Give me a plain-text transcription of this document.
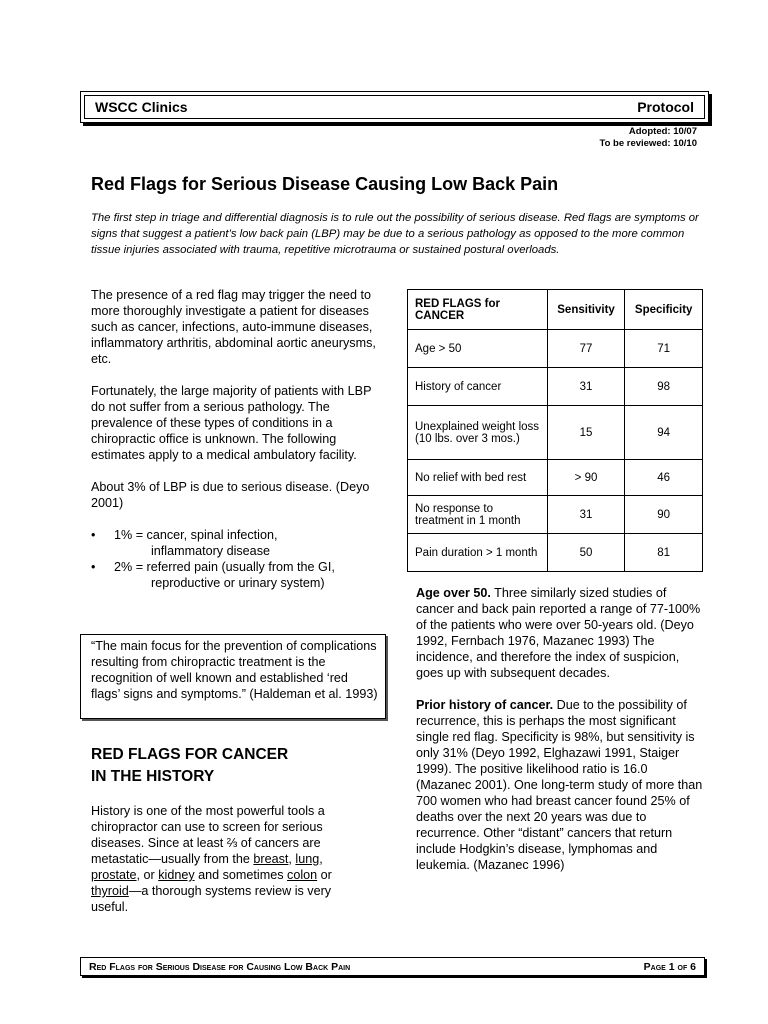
WSCC Clinics	Protocol
Adopted: 10/07
To be reviewed: 10/10
Red Flags for Serious Disease Causing Low Back Pain

The first step in triage and differential diagnosis is to rule out the possibility of serious disease. Red flags are symptoms or signs that suggest a patient’s low back pain (LBP) may be due to a serious pathology as opposed to the more common tissue injuries associated with trauma, repetitive microtrauma or sustained postural overloads.

The presence of a red flag may trigger the need to more thoroughly investigate a patient for diseases such as cancer, infections, auto-immune diseases, inflammatory arthritis, abdominal aortic aneurysms, etc.

Fortunately, the large majority of patients with LBP do not suffer from a serious pathology. The prevalence of these types of conditions in a chiropractic office is unknown. The following estimates apply to a medical ambulatory facility.

About 3% of LBP is due to serious disease. (Deyo 2001)

• 1% = cancer, spinal infection,
inflammatory disease
• 2% = referred pain (usually from the GI,
reproductive or urinary system)
“The main focus for the prevention of complications resulting from chiropractic treatment is the recognition of well known and established ‘red flags’ signs and symptoms.” (Haldeman et al. 1993)
RED FLAGS FOR CANCER
IN THE HISTORY

History is one of the most powerful tools a chiropractor can use to screen for serious diseases. Since at least ⅔ of cancers are metastatic—usually from the breast, lung, prostate, or kidney and sometimes colon or thyroid—a thorough systems review is very useful.

RED FLAGS for CANCER	Sensitivity	Specificity
Age > 50	77	71
History of cancer	31	98
Unexplained weight loss (10 lbs. over 3 mos.)	15	94
No relief with bed rest	> 90	46
No response to treatment in 1 month	31	90
Pain duration > 1 month	50	81

Age over 50. Three similarly sized studies of cancer and back pain reported a range of 77-100% of the patients who were over 50-years old. (Deyo 1992, Fernbach 1976, Mazanec 1993) The incidence, and therefore the index of suspicion, goes up with subsequent decades.

Prior history of cancer. Due to the possibility of recurrence, this is perhaps the most significant single red flag. Specificity is 98%, but sensitivity is only 31% (Deyo 1992, Elghazawi 1991, Staiger 1999). The positive likelihood ratio is 16.0 (Mazanec 2001). One long-term study of more than 700 women who had breast cancer found 25% of deaths over the next 20 years was due to recurrence. Other “distant” cancers that return include Hodgkin’s disease, lymphomas and leukemia. (Mazanec 1996)

Red Flags for Serious Disease for Causing Low Back Pain	Page 1 of 6
